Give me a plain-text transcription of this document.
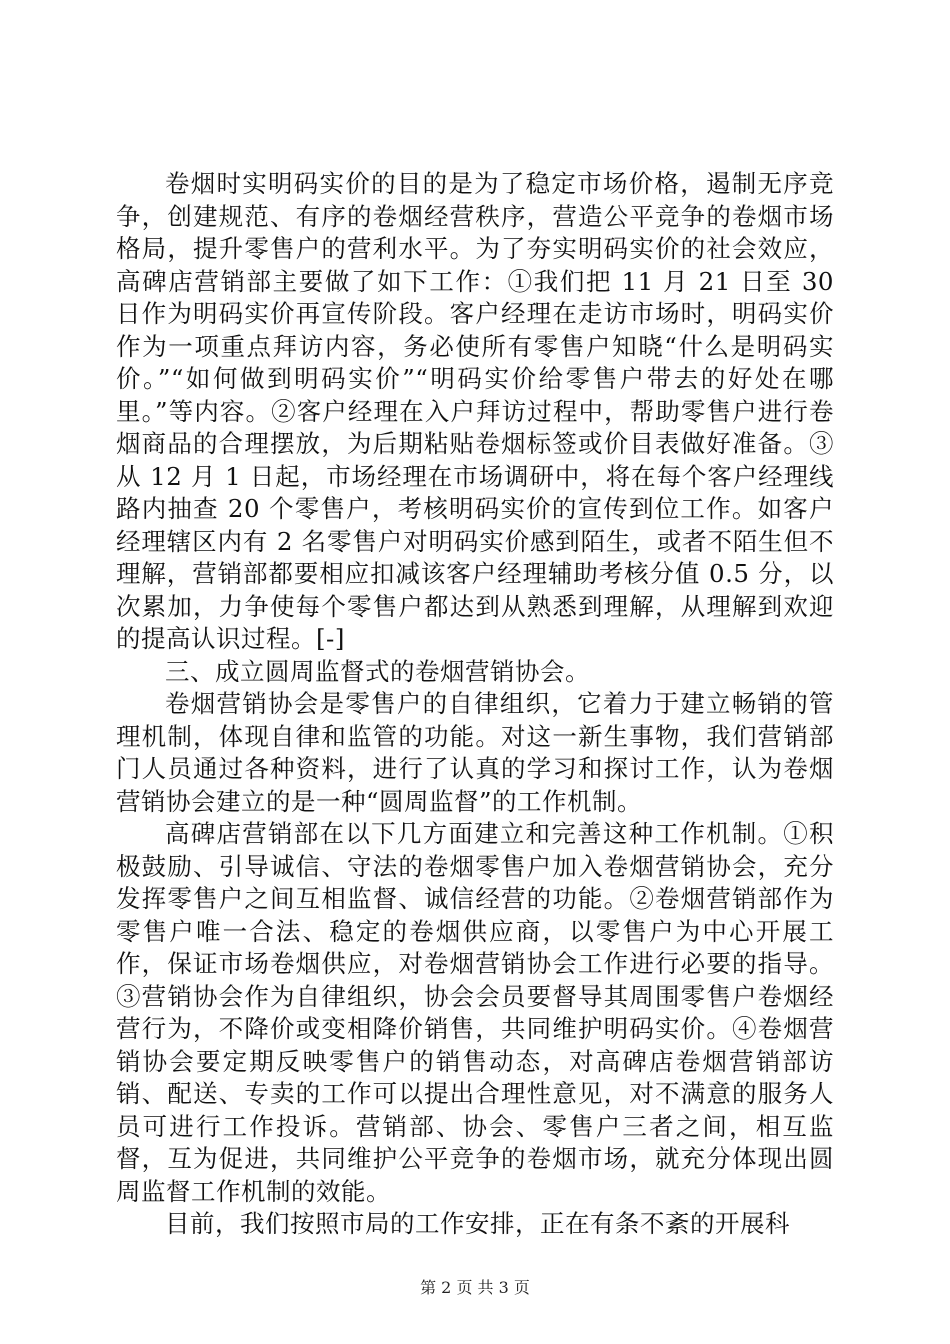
卷烟时实明码实价的目的是为了稳定市场价格，遏制无序竞争，创建规范、有序的卷烟经营秩序，营造公平竞争的卷烟市场格局，提升零售户的营利水平。为了夯实明码实价的社会效应，高碑店营销部主要做了如下工作：①我们把 11 月 21 日至 30 日作为明码实价再宣传阶段。客户经理在走访市场时，明码实价作为一项重点拜访内容，务必使所有零售户知晓“什么是明码实价。”“如何做到明码实价”“明码实价给零售户带去的好处在哪里。”等内容。②客户经理在入户拜访过程中，帮助零售户进行卷烟商品的合理摆放，为后期粘贴卷烟标签或价目表做好准备。③从 12 月 1 日起，市场经理在市场调研中，将在每个客户经理线路内抽查 20 个零售户，考核明码实价的宣传到位工作。如客户经理辖区内有 2 名零售户对明码实价感到陌生，或者不陌生但不理解，营销部都要相应扣减该客户经理辅助考核分值 0.5 分，以次累加，力争使每个零售户都达到从熟悉到理解，从理解到欢迎的提高认识过程。[-]

三、成立圆周监督式的卷烟营销协会。

卷烟营销协会是零售户的自律组织，它着力于建立畅销的管理机制，体现自律和监管的功能。对这一新生事物，我们营销部门人员通过各种资料，进行了认真的学习和探讨工作，认为卷烟营销协会建立的是一种“圆周监督”的工作机制。

高碑店营销部在以下几方面建立和完善这种工作机制。①积极鼓励、引导诚信、守法的卷烟零售户加入卷烟营销协会，充分发挥零售户之间互相监督、诚信经营的功能。②卷烟营销部作为零售户唯一合法、稳定的卷烟供应商，以零售户为中心开展工作，保证市场卷烟供应，对卷烟营销协会工作进行必要的指导。③营销协会作为自律组织，协会会员要督导其周围零售户卷烟经营行为，不降价或变相降价销售，共同维护明码实价。④卷烟营销协会要定期反映零售户的销售动态，对高碑店卷烟营销部访销、配送、专卖的工作可以提出合理性意见，对不满意的服务人员可进行工作投诉。营销部、协会、零售户三者之间，相互监督，互为促进，共同维护公平竞争的卷烟市场，就充分体现出圆周监督工作机制的效能。

目前，我们按照市局的工作安排，正在有条不紊的开展科

第 2 页 共 3 页
